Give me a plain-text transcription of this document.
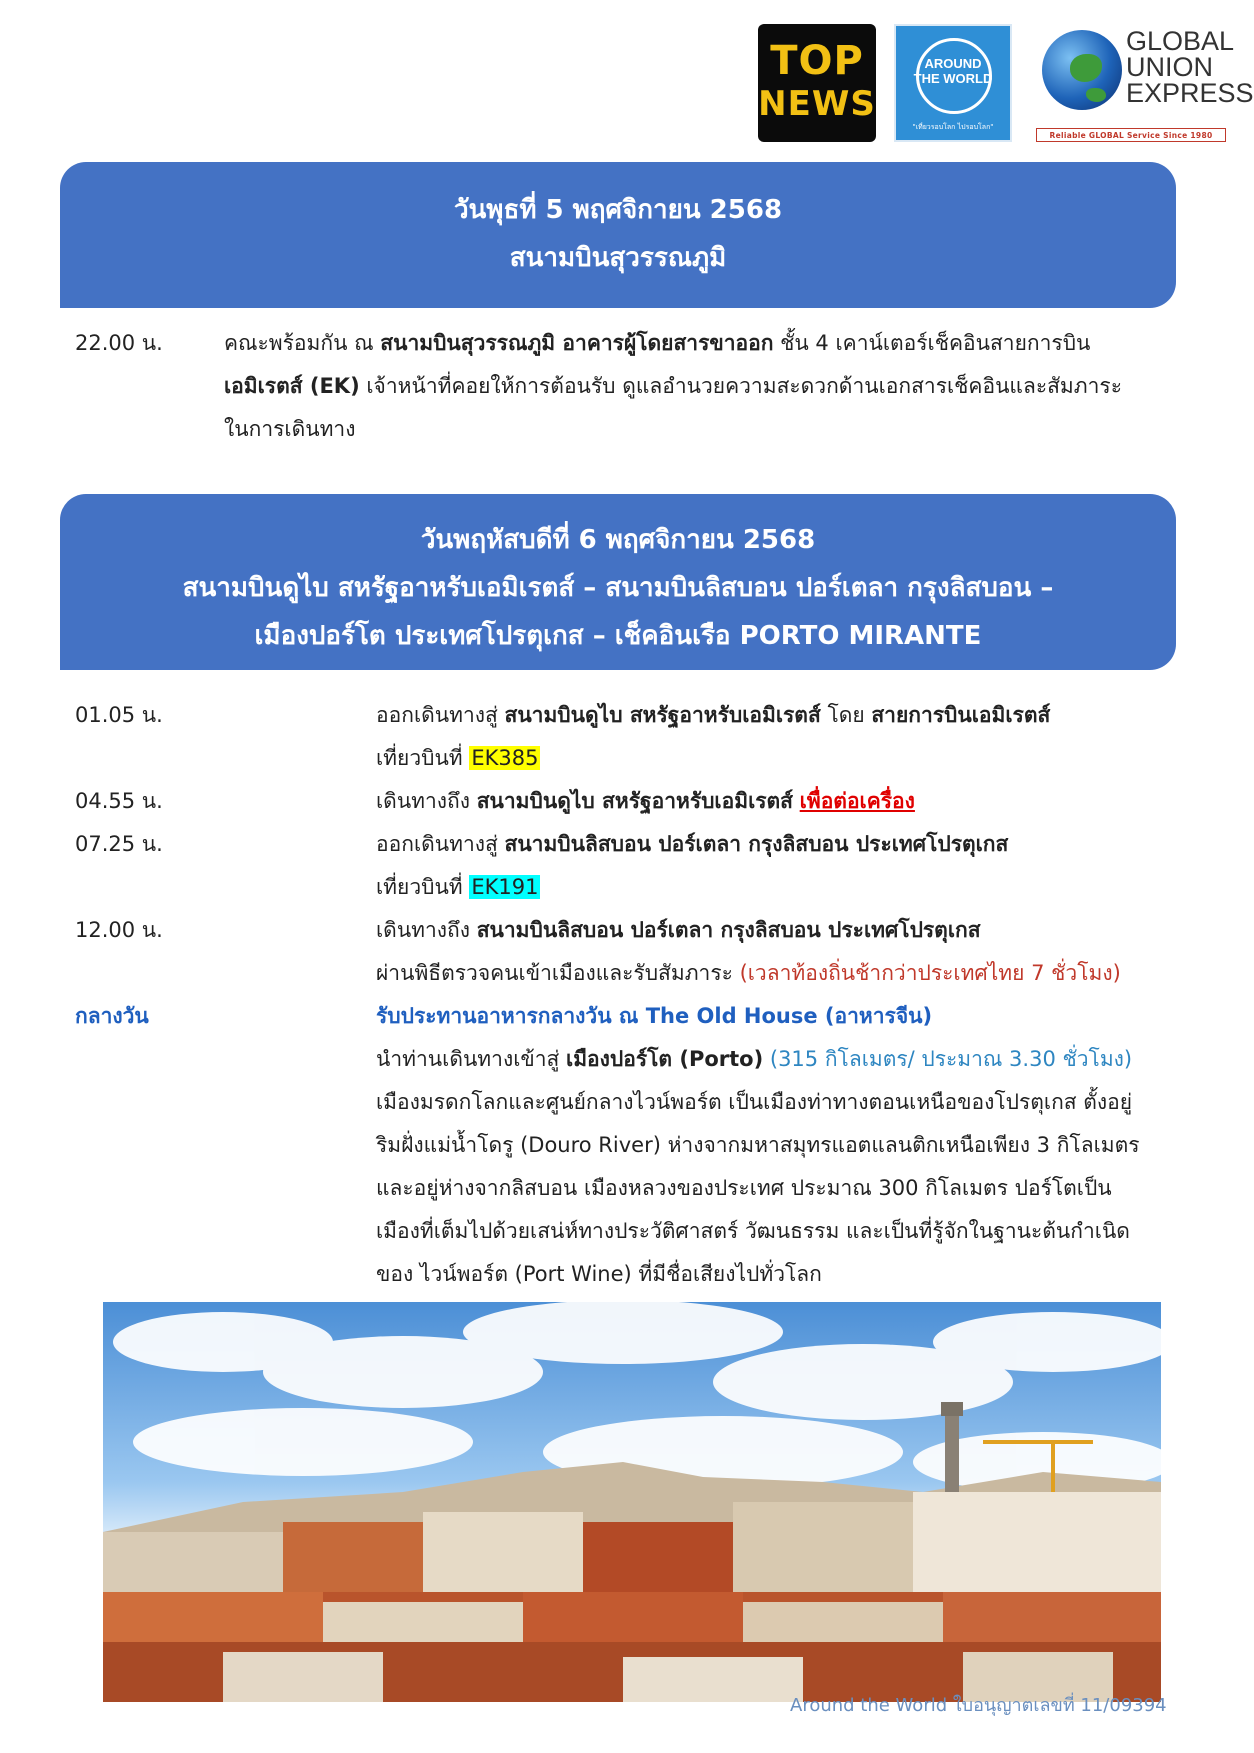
TOP
NEWS
AROUND
THE WORLD
"เที่ยวรอบโลก ไปรอบโลก"
GLOBAL
UNION
EXPRESS
Reliable GLOBAL Service Since 1980
วันพุธที่ 5 พฤศจิกายน 2568
สนามบินสุวรรณภูมิ
22.00 น.	คณะพร้อมกัน ณ สนามบินสุวรรณภูมิ อาคารผู้โดยสารขาออก ชั้น 4 เคาน์เตอร์เช็คอินสายการบิน
เอมิเรตส์ (EK) เจ้าหน้าที่คอยให้การต้อนรับ ดูแลอำนวยความสะดวกด้านเอกสารเช็คอินและสัมภาระ
ในการเดินทาง
วันพฤหัสบดีที่ 6 พฤศจิกายน 2568
สนามบินดูไบ สหรัฐอาหรับเอมิเรตส์ – สนามบินลิสบอน ปอร์เตลา กรุงลิสบอน –
เมืองปอร์โต ประเทศโปรตุเกส – เช็คอินเรือ PORTO MIRANTE
01.05 น.	ออกเดินทางสู่ สนามบินดูไบ สหรัฐอาหรับเอมิเรตส์ โดย สายการบินเอมิเรตส์
เที่ยวบินที่ EK385
04.55 น.	เดินทางถึง สนามบินดูไบ สหรัฐอาหรับเอมิเรตส์ เพื่อต่อเครื่อง
07.25 น.	ออกเดินทางสู่ สนามบินลิสบอน ปอร์เตลา กรุงลิสบอน ประเทศโปรตุเกส
เที่ยวบินที่ EK191
12.00 น.	เดินทางถึง สนามบินลิสบอน ปอร์เตลา กรุงลิสบอน ประเทศโปรตุเกส
ผ่านพิธีตรวจคนเข้าเมืองและรับสัมภาระ (เวลาท้องถิ่นช้ากว่าประเทศไทย 7 ชั่วโมง)
กลางวัน	รับประทานอาหารกลางวัน ณ The Old House (อาหารจีน)
นำท่านเดินทางเข้าสู่ เมืองปอร์โต (Porto) (315 กิโลเมตร/ ประมาณ 3.30 ชั่วโมง)
เมืองมรดกโลกและศูนย์กลางไวน์พอร์ต เป็นเมืองท่าทางตอนเหนือของโปรตุเกส ตั้งอยู่
ริมฝั่งแม่น้ำโดรู (Douro River) ห่างจากมหาสมุทรแอตแลนติกเหนือเพียง 3 กิโลเมตร
และอยู่ห่างจากลิสบอน เมืองหลวงของประเทศ ประมาณ 300 กิโลเมตร ปอร์โตเป็น
เมืองที่เต็มไปด้วยเสน่ห์ทางประวัติศาสตร์ วัฒนธรรม และเป็นที่รู้จักในฐานะต้นกำเนิด
ของ ไวน์พอร์ต (Port Wine) ที่มีชื่อเสียงไปทั่วโลก
Around the World ใบอนุญาตเลขที่ 11/09394
